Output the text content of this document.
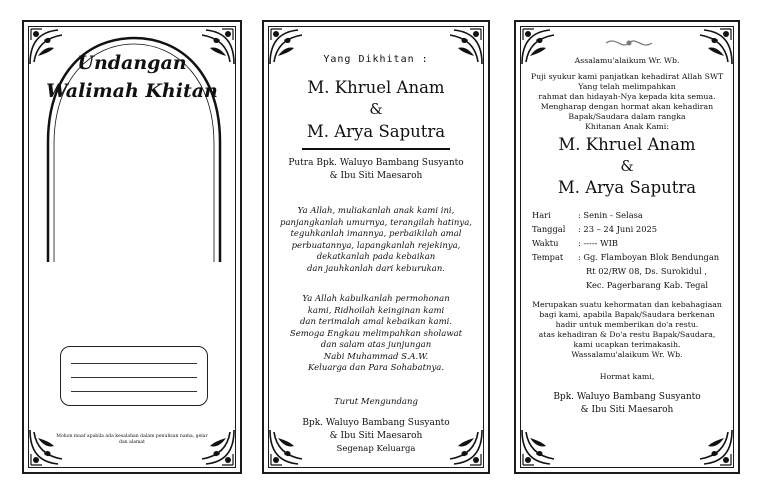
Undangan
Walimah Khitan
Mohon maaf apabila ada kesalahan dalam penulisan nama, gelar dan alamat
Yang Dikhitan :
M. Khruel Anam
&
M. Arya Saputra
Putra Bpk. Waluyo Bambang Susyanto
& Ibu Siti Maesaroh
Ya Allah, muliakanlah anak kami ini,
panjangkanlah umurnya, terangilah hatinya,
teguhkanlah imannya, perbaikilah amal
perbuatannya, lapangkanlah rejekinya,
dekatkanlah pada kebaikan
dan jauhkanlah dari keburukan.
Ya Allah kabulkanlah permohonan
kami, Ridhoilah keinginan kami
dan terimalah amal kebaikan kami.
Semoga Engkau melimpahkan sholawat
dan salam atas junjungan
Nabi Muhammad S.A.W.
Keluarga dan Para Sohabatnya.
Turut Mengundang
Bpk. Waluyo Bambang Susyanto
& Ibu Siti Maesaroh
Segenap Keluarga
Assalamu'alaikum Wr. Wb.
Puji syukur kami panjatkan kehadirat Allah SWT
Yang telah melimpahkan
rahmat dan hidayah-Nya kepada kita semua.
Mengharap dengan hormat akan kehadiran
Bapak/Saudara dalam rangka
Khitanan Anak Kami:
M. Khruel Anam
&
M. Arya Saputra
Hari	: Senin - Selasa
Tanggal : 23 – 24 Juni 2025
Waktu : ----- WIB
Tempat : Gg. Flamboyan Blok Bendungan
Rt 02/RW 08, Ds. Surokidul ,
Kec. Pagerbarang Kab. Tegal
Merupakan suatu kehormatan dan kebahagiaan
bagi kami, apabila Bapak/Saudara berkenan
hadir untuk memberikan do'a restu.
atas kehadiran & Do'a restu Bapak/Saudara,
kami ucapkan terimakasih.
Wassalamu'alaikum Wr. Wb.
Hormat kami,
Bpk. Waluyo Bambang Susyanto
& Ibu Siti Maesaroh
